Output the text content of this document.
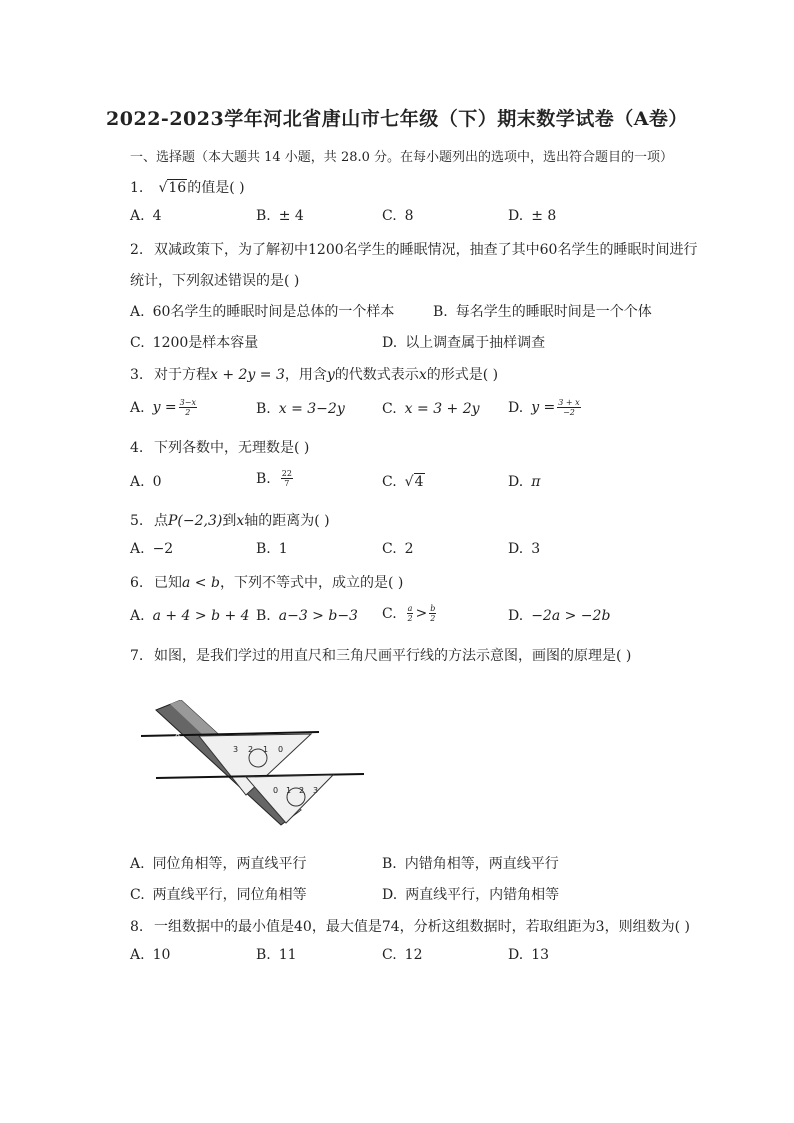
2022-2023学年河北省唐山市七年级（下）期末数学试卷（A卷）
一、选择题（本大题共 14 小题，共 28.0 分。在每小题列出的选项中，选出符合题目的一项）
1. √16的值是( )
A. 4	B. ± 4	C. 8	D. ± 8
2. 双减政策下，为了解初中1200名学生的睡眠情况，抽查了其中60名学生的睡眠时间进行
统计，下列叙述错误的是( )
A. 60名学生的睡眠时间是总体的一个样本	B. 每名学生的睡眠时间是一个个体
C. 1200是样本容量	D. 以上调查属于抽样调查
3. 对于方程x + 2y = 3，用含y的代数式表示x的形式是( )
A. $y = \frac{3-x}{2}$	B. x = 3−2y	C. x = 3 + 2y D. $y = \frac{3 + x}{-2}$
4. 下列各数中，无理数是( )
A. 0	B. $\frac{22}{7}$	C. √4	D. π
5. 点P(−2,3)到x轴的距离为( )
A. −2	B. 1	C. 2	D. 3
6. 已知a < b，下列不等式中，成立的是( )
A. a + 4 > b + 4 B. a−3 > b−3 C. $\frac{a}{2} > \frac{b}{2}$	D. −2a > −2b
7. 如图，是我们学过的用直尺和三角尺画平行线的方法示意图，画图的原理是( )
0
1
2
3
4
5
6
3 2 1 0
0 1 2 3
A. 同位角相等，两直线平行	B. 内错角相等，两直线平行
C. 两直线平行，同位角相等	D. 两直线平行，内错角相等
8. 一组数据中的最小值是40，最大值是74，分析这组数据时，若取组距为3，则组数为( )
A. 10	B. 11	C. 12	D. 13
